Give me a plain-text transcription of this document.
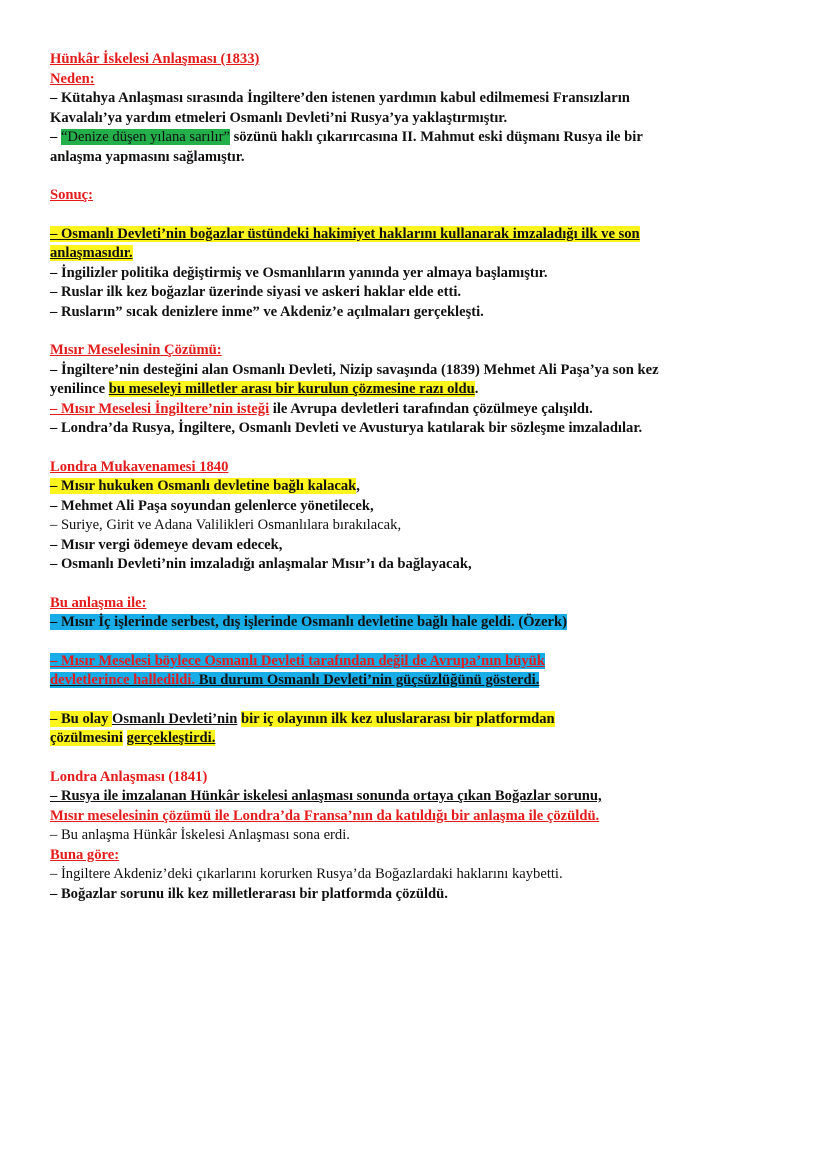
Hünkâr İskelesi Anlaşması (1833)
Neden:
– Kütahya Anlaşması sırasında İngiltere’den istenen yardımın kabul edilmemesi Fransızların
Kavalalı’ya yardım etmeleri Osmanlı Devleti’ni Rusya’ya yaklaştırmıştır.
– “Denize düşen yılana sarılır” sözünü haklı çıkarırcasına II. Mahmut eski düşmanı Rusya ile bir
anlaşma yapmasını sağlamıştır.
Sonuç:
– Osmanlı Devleti’nin boğazlar üstündeki hakimiyet haklarını kullanarak imzaladığı ilk ve son
anlaşmasıdır.
– İngilizler politika değiştirmiş ve Osmanlıların yanında yer almaya başlamıştır.
– Ruslar ilk kez boğazlar üzerinde siyasi ve askeri haklar elde etti.
– Rusların” sıcak denizlere inme” ve Akdeniz’e açılmaları gerçekleşti.
Mısır Meselesinin Çözümü:
– İngiltere’nin desteğini alan Osmanlı Devleti, Nizip savaşında (1839) Mehmet Ali Paşa’ya son kez
yenilince bu meseleyi milletler arası bir kurulun çözmesine razı oldu.
– Mısır Meselesi İngiltere’nin isteği ile Avrupa devletleri tarafından çözülmeye çalışıldı.
– Londra’da Rusya, İngiltere, Osmanlı Devleti ve Avusturya katılarak bir sözleşme imzaladılar.
Londra Mukavenamesi 1840
– Mısır hukuken Osmanlı devletine bağlı kalacak,
– Mehmet Ali Paşa soyundan gelenlerce yönetilecek,
– Suriye, Girit ve Adana Valilikleri Osmanlılara bırakılacak,
– Mısır vergi ödemeye devam edecek,
– Osmanlı Devleti’nin imzaladığı anlaşmalar Mısır’ı da bağlayacak,
Bu anlaşma ile:
– Mısır İç işlerinde serbest, dış işlerinde Osmanlı devletine bağlı hale geldi. (Özerk)
– Mısır Meselesi böylece Osmanlı Devleti tarafından değil de Avrupa’nın büyük
devletlerince halledildi. Bu durum Osmanlı Devleti’nin güçsüzlüğünü gösterdi.
– Bu olay Osmanlı Devleti’nin bir iç olayının ilk kez uluslararası bir platformdan
çözülmesini gerçekleştirdi.
Londra Anlaşması (1841)
– Rusya ile imzalanan Hünkâr iskelesi anlaşması sonunda ortaya çıkan Boğazlar sorunu,
Mısır meselesinin çözümü ile Londra’da Fransa’nın da katıldığı bir anlaşma ile çözüldü.
– Bu anlaşma Hünkâr İskelesi Anlaşması sona erdi.
Buna göre:
– İngiltere Akdeniz’deki çıkarlarını korurken Rusya’da Boğazlardaki haklarını kaybetti.
– Boğazlar sorunu ilk kez milletlerarası bir platformda çözüldü.
